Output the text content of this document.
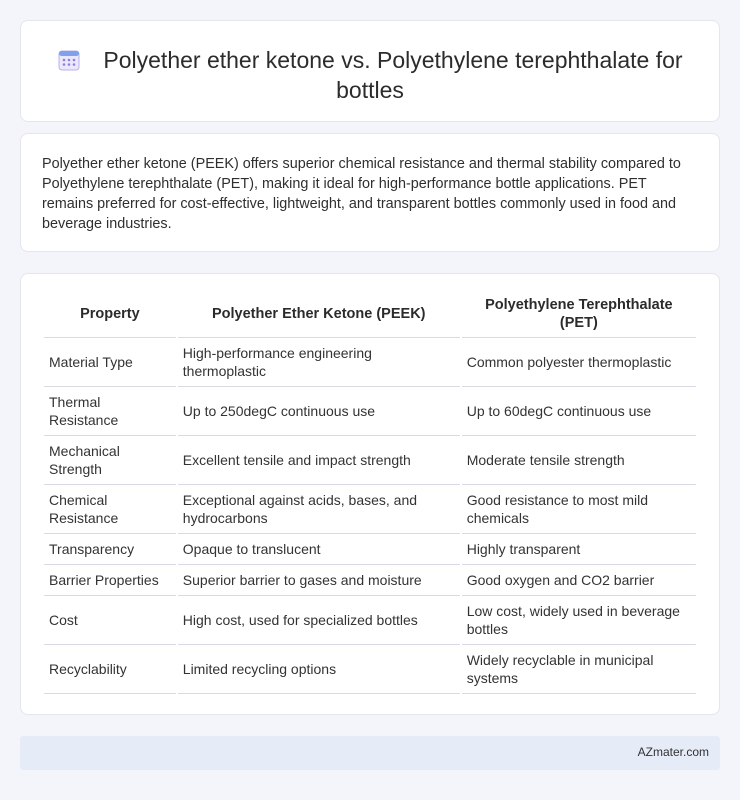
Polyether ether ketone vs. Polyethylene terephthalate for bottles

Polyether ether ketone (PEEK) offers superior chemical resistance and thermal stability compared to Polyethylene terephthalate (PET), making it ideal for high-performance bottle applications. PET remains preferred for cost-effective, lightweight, and transparent bottles commonly used in food and beverage industries.

Property	Polyether Ether Ketone (PEEK)	Polyethylene Terephthalate (PET)
Material Type	High-performance engineering thermoplastic	Common polyester thermoplastic
Thermal Resistance	Up to 250degC continuous use	Up to 60degC continuous use
Mechanical Strength	Excellent tensile and impact strength	Moderate tensile strength
Chemical Resistance	Exceptional against acids, bases, and hydrocarbons	Good resistance to most mild chemicals
Transparency	Opaque to translucent	Highly transparent
Barrier Properties	Superior barrier to gases and moisture	Good oxygen and CO2 barrier
Cost	High cost, used for specialized bottles	Low cost, widely used in beverage bottles
Recyclability	Limited recycling options	Widely recyclable in municipal systems
AZmater.com
